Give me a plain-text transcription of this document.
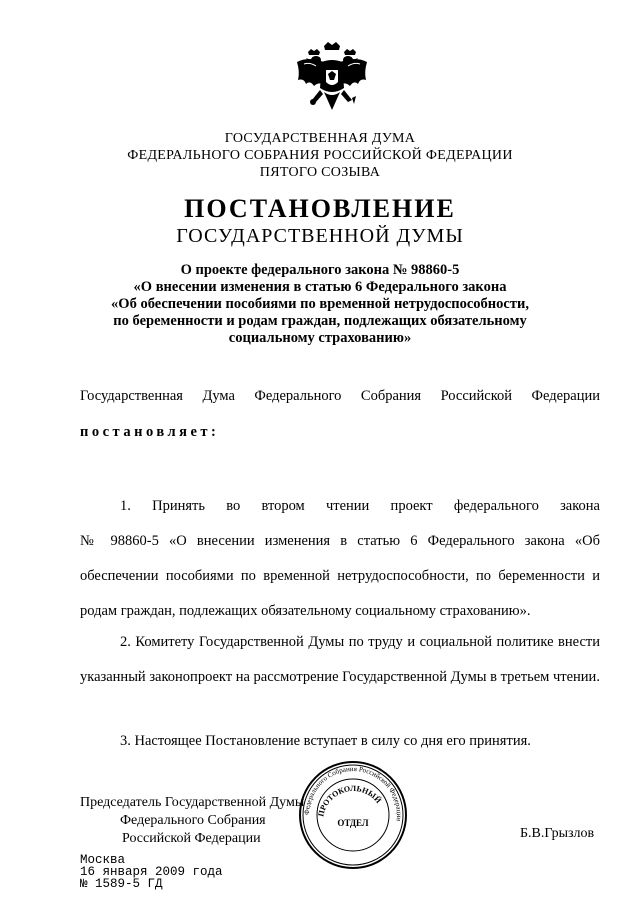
ГОСУДАРСТВЕННАЯ ДУМА
ФЕДЕРАЛЬНОГО СОБРАНИЯ РОССИЙСКОЙ ФЕДЕРАЦИИ
ПЯТОГО СОЗЫВА
ПОСТАНОВЛЕНИЕ
ГОСУДАРСТВЕННОЙ ДУМЫ
О проекте федерального закона № 98860-5
«О внесении изменения в статью 6 Федерального закона
«Об обеспечении пособиями по временной нетрудоспособности,
по беременности и родам граждан, подлежащих обязательному
социальному страхованию»
Государственная Дума Федерального Собрания Российской Федерации
постановляет:
1. Принять во втором чтении проект федерального закона
№ 98860-5 «О внесении изменения в статью 6 Федерального закона «Об
обеспечении пособиями по временной нетрудоспособности, по беременности и
родам граждан, подлежащих обязательному социальному страхованию».
2. Комитету Государственной Думы по труду и социальной политике внести указанный законопроект на рассмотрение Государственной Думы в третьем чтении.
3. Настоящее Постановление вступает в силу со дня его принятия.
Федерального Собрания Российской Федерации
ПРОТОКОЛЬНЫЙ
ОТДЕЛ
Председатель Государственной Думы
Федерального Собрания
Российской Федерации	Б.В.Грызлов
Москва
16 января 2009 года
№ 1589-5 ГД
